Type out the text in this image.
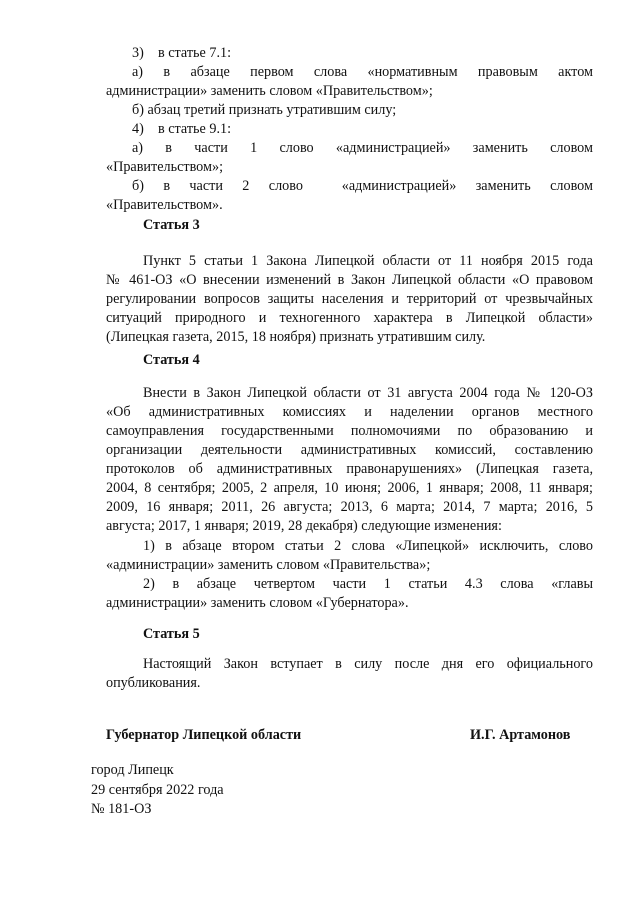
3) в статье 7.1:
а) в абзаце первом слова «нормативным правовым актом
администрации» заменить словом «Правительством»;
б) абзац третий признать утратившим силу;
4) в статье 9.1:
а) в части 1 слово «администрацией» заменить словом
«Правительством»;
б) в части 2 слово  «администрацией» заменить словом
«Правительством».
Статья 3
Пункт 5 статьи 1 Закона Липецкой области от 11 ноября 2015 года
№ 461-ОЗ «О внесении изменений в Закон Липецкой области «О правовом
регулировании вопросов защиты населения и территорий от чрезвычайных
ситуаций природного и техногенного характера в Липецкой области»
(Липецкая газета, 2015, 18 ноября) признать утратившим силу.
Статья 4
Внести в Закон Липецкой области от 31 августа 2004 года № 120-ОЗ
«Об административных комиссиях и наделении органов местного
самоуправления государственными полномочиями по образованию и
организации деятельности административных комиссий, составлению
протоколов об административных правонарушениях» (Липецкая газета,
2004, 8 сентября; 2005, 2 апреля, 10 июня; 2006, 1 января; 2008, 11 января;
2009, 16 января; 2011, 26 августа; 2013, 6 марта; 2014, 7 марта; 2016, 5
августа; 2017, 1 января; 2019, 28 декабря) следующие изменения:
1) в абзаце втором статьи 2 слова «Липецкой» исключить, слово
«администрации» заменить словом «Правительства»;
2) в абзаце четвертом части 1 статьи 4.3 слова «главы
администрации» заменить словом «Губернатора».
Статья 5
Настоящий Закон вступает в силу после дня его официального
опубликования.
Губернатор Липецкой области	И.Г. Артамонов
город Липецк
29 сентября 2022 года
№ 181-ОЗ
